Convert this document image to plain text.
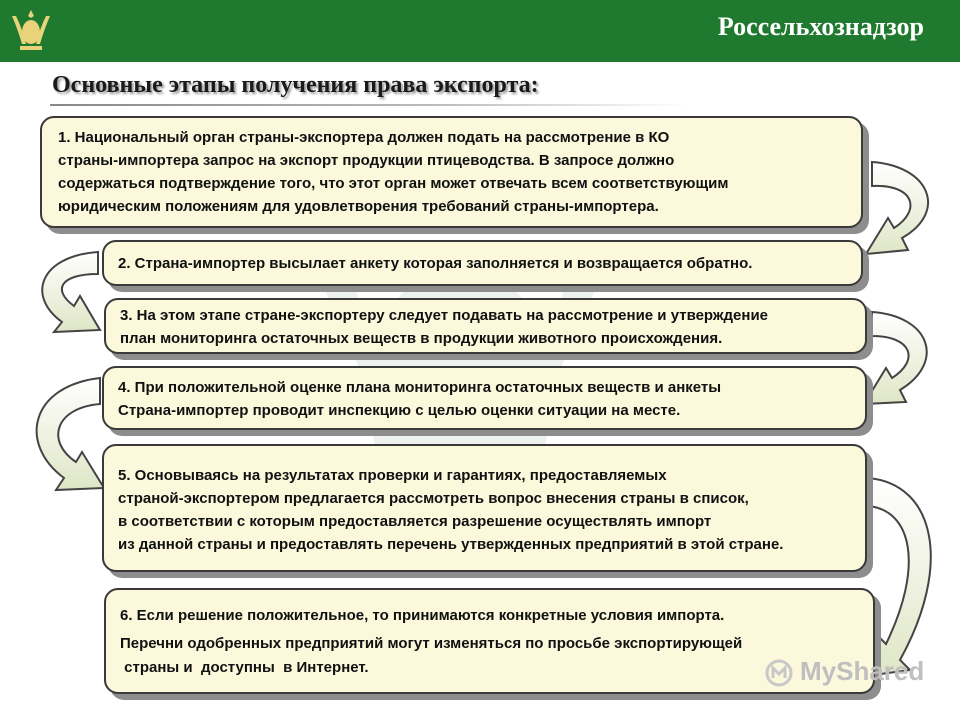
Россельхознадзор
Основные этапы получения права экспорта:

1. Национальный орган страны-экспортера должен подать на рассмотрение в КО

страны-импортера запрос на экспорт продукции птицеводства. В запросе должно

содержаться подтверждение того, что этот орган может отвечать всем соответствующим

юридическим положениям для удовлетворения требований страны-импортера.

2. Страна-импортер высылает анкету которая заполняется и возвращается обратно.

3. На этом этапе стране-экспортеру следует подавать на рассмотрение и утверждение

план мониторинга остаточных веществ в продукции животного происхождения.

4. При положительной оценке плана мониторинга остаточных веществ и анкеты

Страна-импортер проводит инспекцию с целью оценки ситуации на месте.

5. Основываясь на результатах проверки и гарантиях, предоставляемых

страной-экспортером предлагается рассмотреть вопрос внесения страны в список,

в соответствии с которым предоставляется разрешение осуществлять импорт

из данной страны и предоставлять перечень утвержденных предприятий в этой стране.

6. Если решение положительное, то принимаются конкретные условия импорта.

Перечни одобренных предприятий могут изменяться по просьбе экспортирующей

страны и  доступны  в Интернет.	MyShared
